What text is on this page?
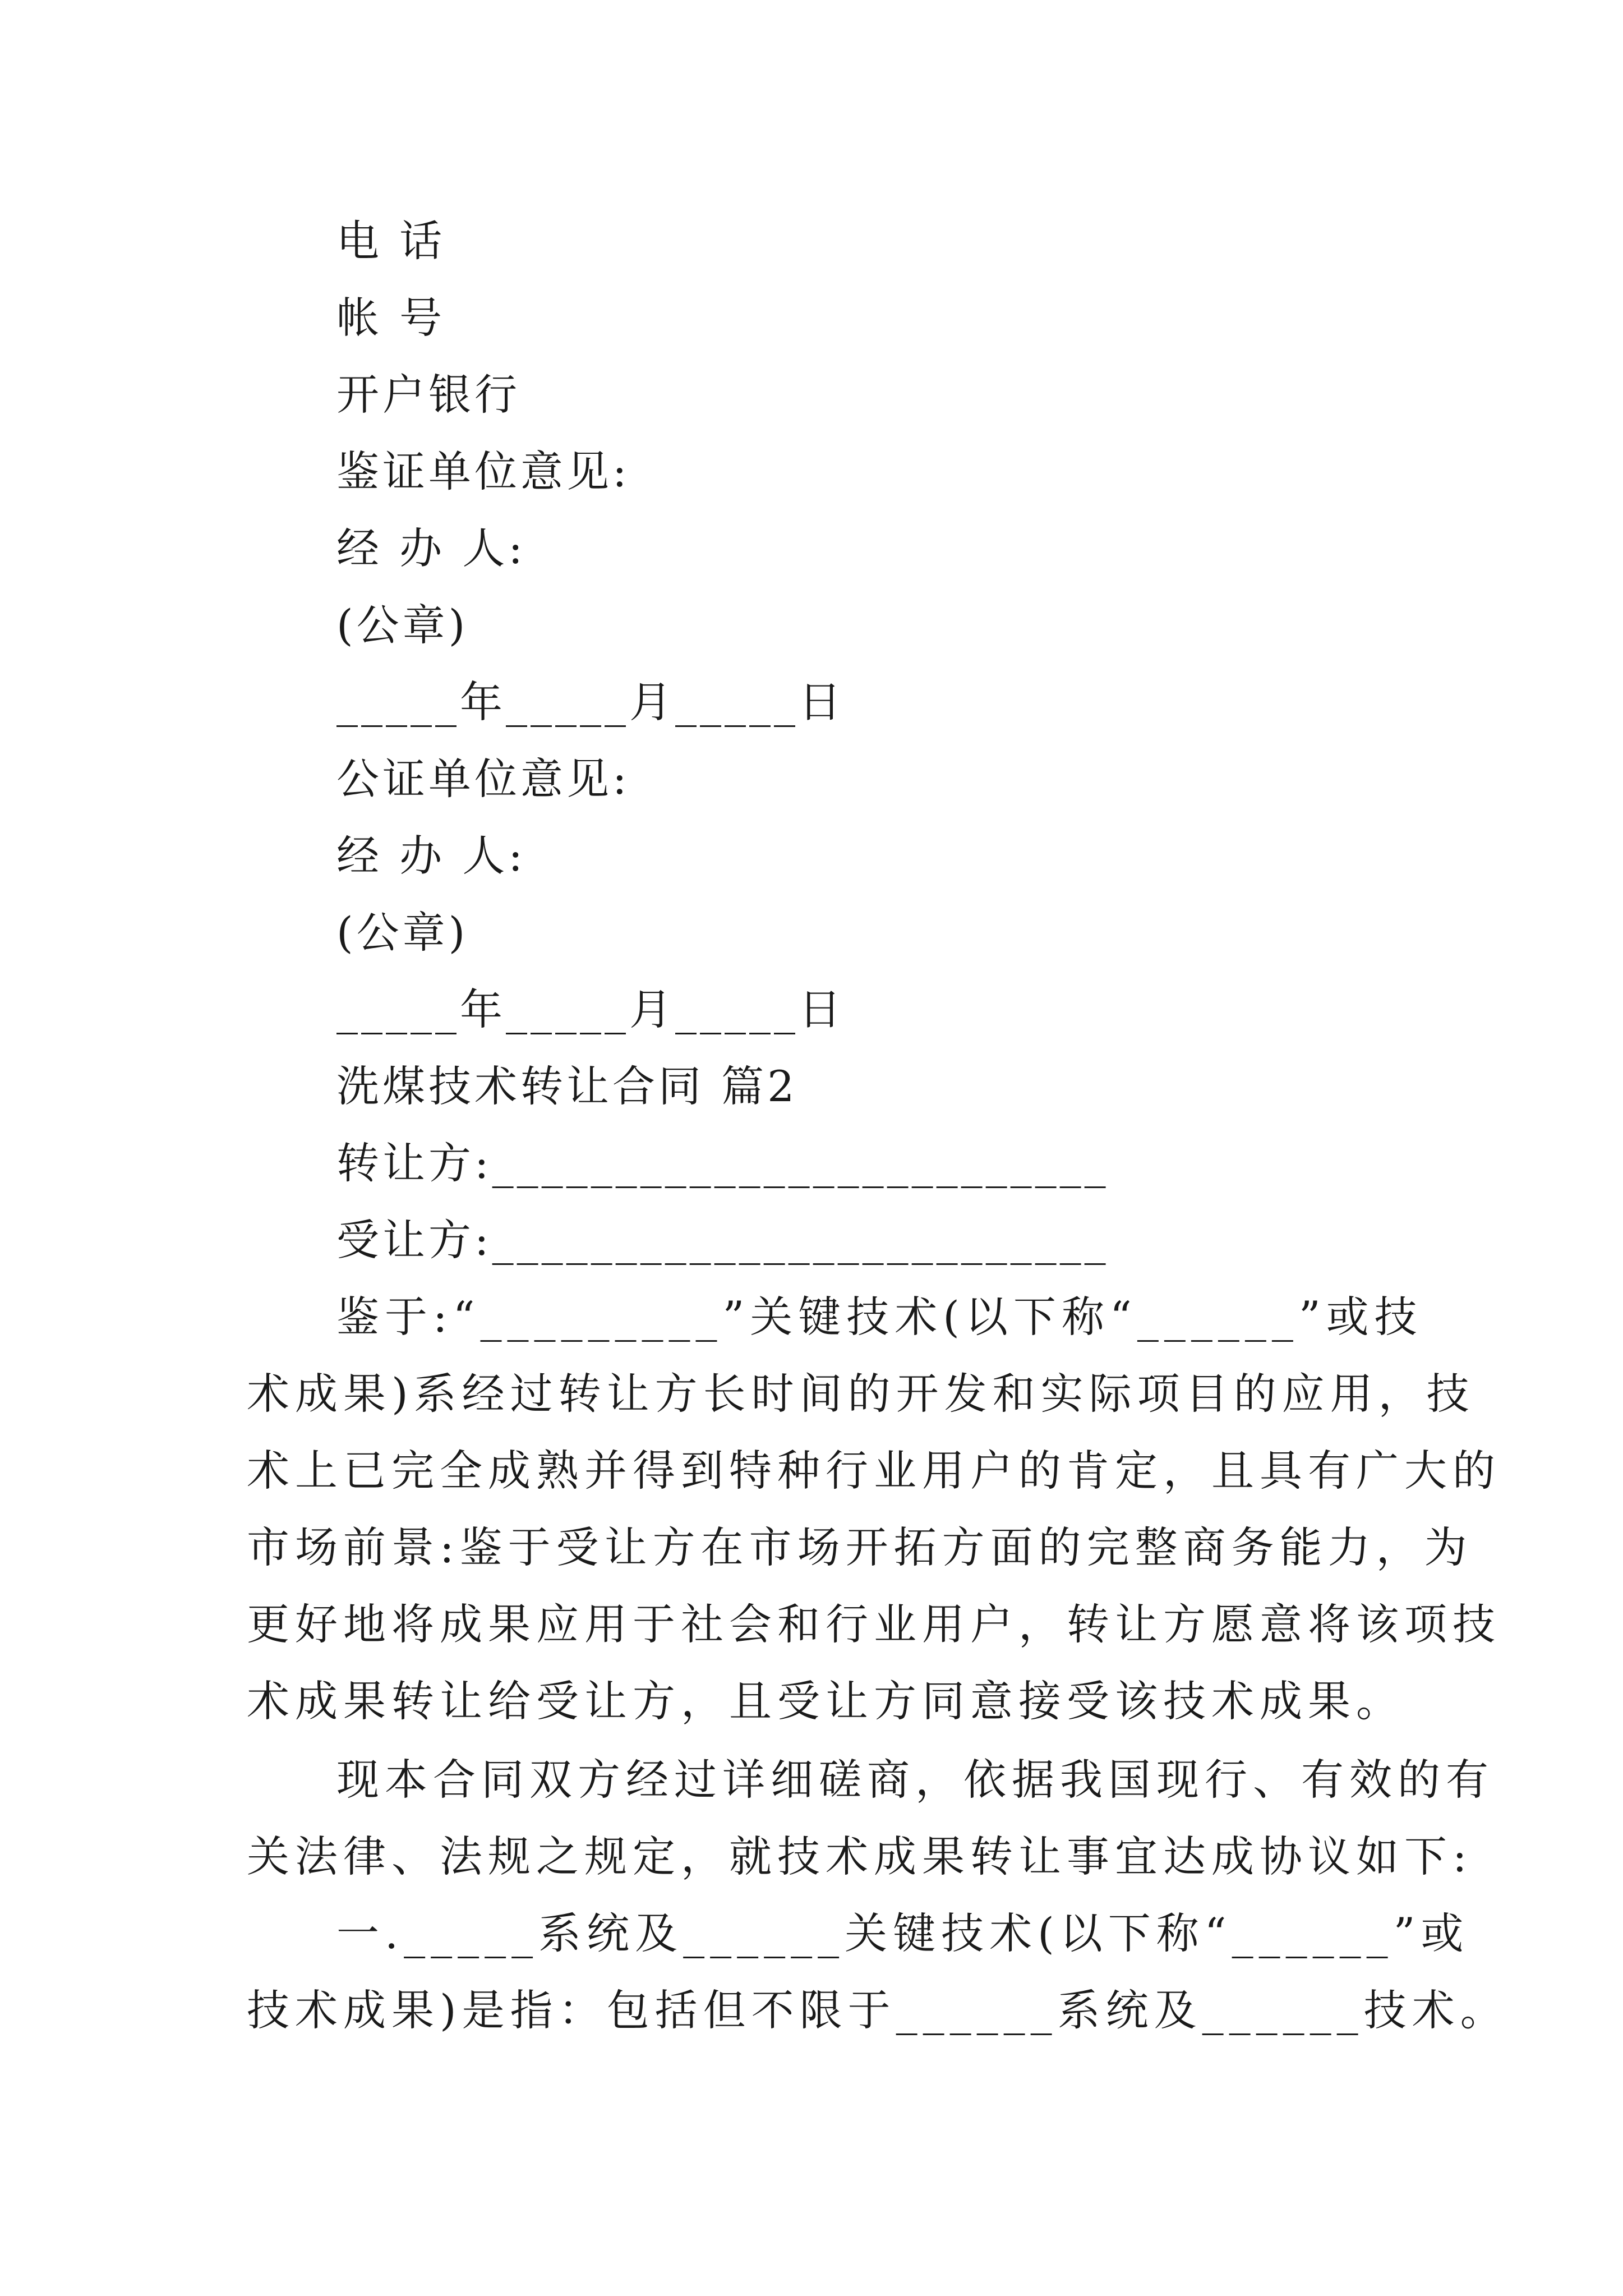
电 话
帐 号
开户银行
鉴证单位意见:
经 办 人:
(公章)
_____年_____月_____日
公证单位意见:
经 办 人:
(公章)
_____年_____月_____日
洗煤技术转让合同 篇2
转让方:_________________________
受让方:_________________________
鉴于:“_________”关键技术(以下称“______”或技
术成果)系经过转让方长时间的开发和实际项目的应用，技
术上已完全成熟并得到特种行业用户的肯定，且具有广大的
市场前景:鉴于受让方在市场开拓方面的完整商务能力，为
更好地将成果应用于社会和行业用户，转让方愿意将该项技
术成果转让给受让方，且受让方同意接受该技术成果。
现本合同双方经过详细磋商，依据我国现行、有效的有
关法律、法规之规定，就技术成果转让事宜达成协议如下:
一._____系统及______关键技术(以下称“______”或
技术成果)是指：包括但不限于______系统及______技术。
